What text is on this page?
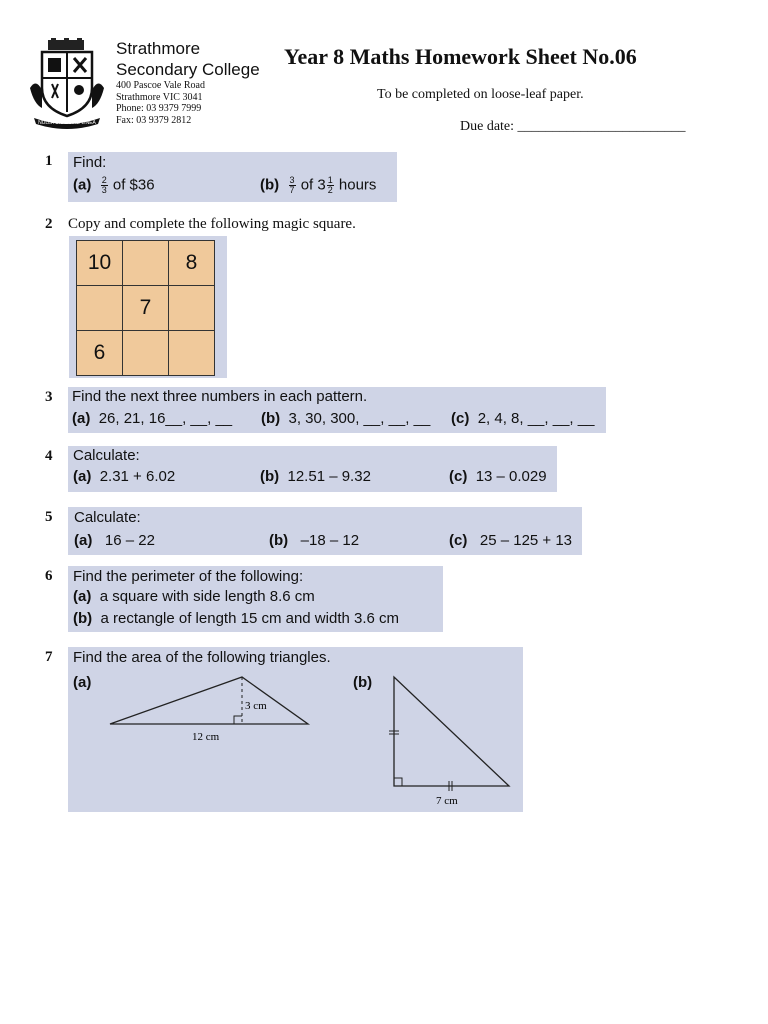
NULLA DIES SINE LINEA
Strathmore
Secondary College
400 Pascoe Vale Road
Strathmore VIC 3041
Phone: 03 9379 7999
Fax: 03 9379 2812
Year 8 Maths Homework Sheet No.06
To be completed on loose-leaf paper.
Due date: ________________________
1 Find:
$(a) \frac{2}{3}$ of $36	$(b) \frac{3}{7}$ of $3 \frac{1}{2}$ hours
2 Copy and complete the following magic square.
10		8
	7	
6		
3 Find the next three numbers in each pattern.
(a) 26, 21, 16__, __, __ (b) 3, 30, 300, __, __, __ (c) 2, 4, 8, __, __, __
4 Calculate:
(a) 2.31 + 6.02	(b) 12.51 – 9.32	(c) 13 – 0.029
5 Calculate:
(a) 16 – 22	(b) –18 – 12	(c) 25 – 125 + 13
6 Find the perimeter of the following:
(a) a square with side length 8.6 cm
(b) a rectangle of length 15 cm and width 3.6 cm
7 Find the area of the following triangles.
(a)	(b)
3 cm
12 cm
7 cm
